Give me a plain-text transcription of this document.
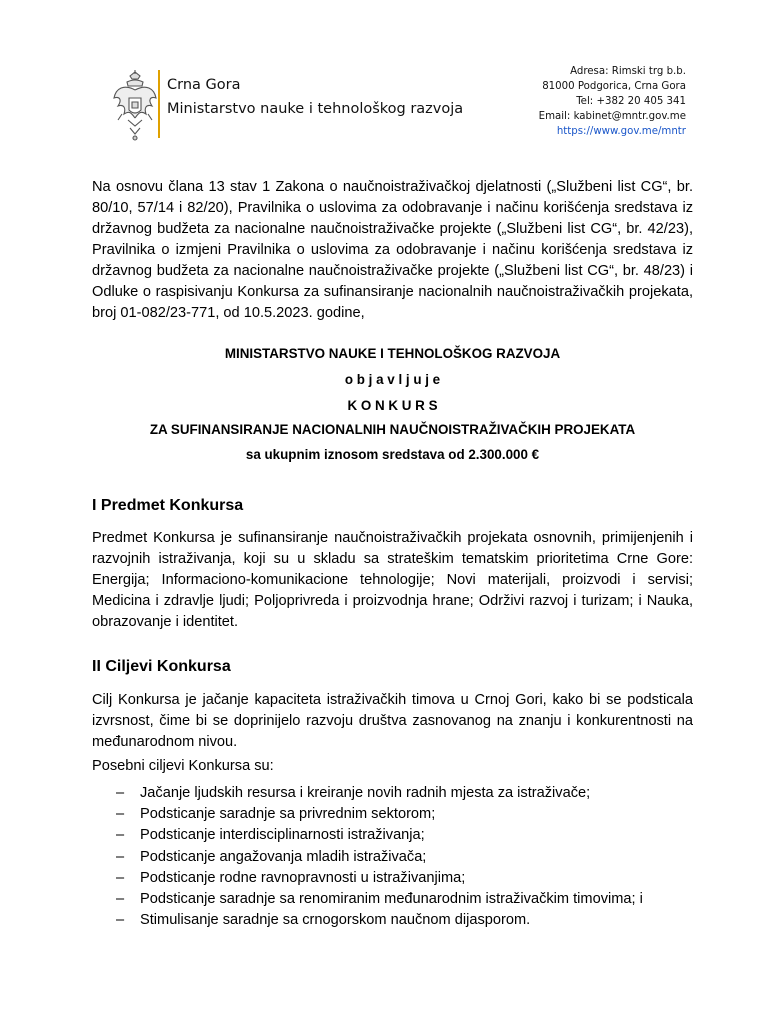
Crna Gora
Ministarstvo nauke i tehnološkog razvoja
Adresa: Rimski trg b.b.
81000 Podgorica, Crna Gora
Tel: +382 20 405 341
Email: kabinet@mntr.gov.me
https://www.gov.me/mntr
Na osnovu člana 13 stav 1 Zakona o naučnoistraživačkoj djelatnosti („Službeni list CG“, br. 80/10, 57/14 i 82/20), Pravilnika o uslovima za odobravanje i načinu korišćenja sredstava iz državnog budžeta za nacionalne naučnoistraživačke projekte („Službeni list CG“, br. 42/23), Pravilnika o izmjeni Pravilnika o uslovima za odobravanje i načinu korišćenja sredstava iz državnog budžeta za nacionalne naučnoistraživačke projekte („Službeni list CG“, br. 48/23) i Odluke o raspisivanju Konkursa za sufinansiranje nacionalnih naučnoistraživačkih projekata, broj 01-082/23-771, od 10.5.2023. godine,
MINISTARSTVO NAUKE I TEHNOLOŠKOG RAZVOJA
o b j a v l j u j e
K O N K U R S
ZA SUFINANSIRANJE NACIONALNIH NAUČNOISTRAŽIVAČKIH PROJEKATA
sa ukupnim iznosom sredstava od 2.300.000 €
I Predmet Konkursa
Predmet Konkursa je sufinansiranje naučnoistraživačkih projekata osnovnih, primijenjenih i razvojnih istraživanja, koji su u skladu sa strateškim tematskim prioritetima Crne Gore: Energija; Informaciono-komunikacione tehnologije; Novi materijali, proizvodi i servisi; Medicina i zdravlje ljudi; Poljoprivreda i proizvodnja hrane; Održivi razvoj i turizam; i Nauka, obrazovanje i identitet.
II Ciljevi Konkursa
Cilj Konkursa je jačanje kapaciteta istraživačkih timova u Crnoj Gori, kako bi se podsticala izvrsnost, čime bi se doprinijelo razvoju društva zasnovanog na znanju i konkurentnosti na međunarodnom nivou.
Posebni ciljevi Konkursa su:
– Jačanje ljudskih resursa i kreiranje novih radnih mjesta za istraživače;
– Podsticanje saradnje sa privrednim sektorom;
– Podsticanje interdisciplinarnosti istraživanja;
– Podsticanje angažovanja mladih istraživača;
– Podsticanje rodne ravnopravnosti u istraživanjima;
– Podsticanje saradnje sa renomiranim međunarodnim istraživačkim timovima; i
– Stimulisanje saradnje sa crnogorskom naučnom dijasporom.
